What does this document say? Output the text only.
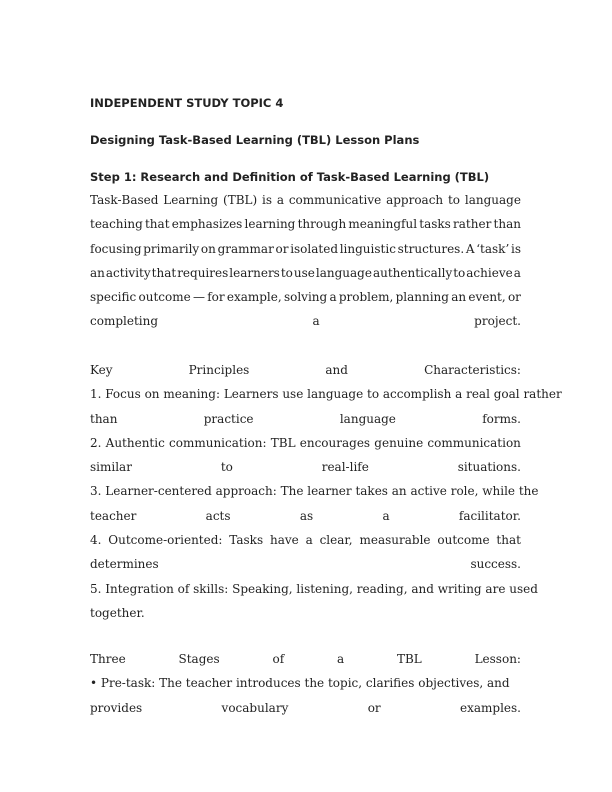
INDEPENDENT STUDY TOPIC 4
Designing Task-Based Learning (TBL) Lesson Plans
Step 1: Research and Definition of Task-Based Learning (TBL)
Task-Based Learning (TBL) is a communicative approach to language
teaching that emphasizes learning through meaningful tasks rather than
focusing primarily on grammar or isolated linguistic structures. A ‘task’ is
an activity that requires learners to use language authentically to achieve a
specific outcome — for example, solving a problem, planning an event, or
completing	a	project.
Key	Principles	and	Characteristics:
1. Focus on meaning: Learners use language to accomplish a real goal rather
than	practice	language	forms.
2. Authentic communication: TBL encourages genuine communication
similar	to	real-life	situations.
3. Learner-centered approach: The learner takes an active role, while the
teacher	acts	as	a	facilitator.
4. Outcome-oriented: Tasks have a clear, measurable outcome that
determines	success.
5. Integration of skills: Speaking, listening, reading, and writing are used
together.
Three	Stages	of	a	TBL	Lesson:
• Pre-task: The teacher introduces the topic, clarifies objectives, and
provides	vocabulary	or	examples.
